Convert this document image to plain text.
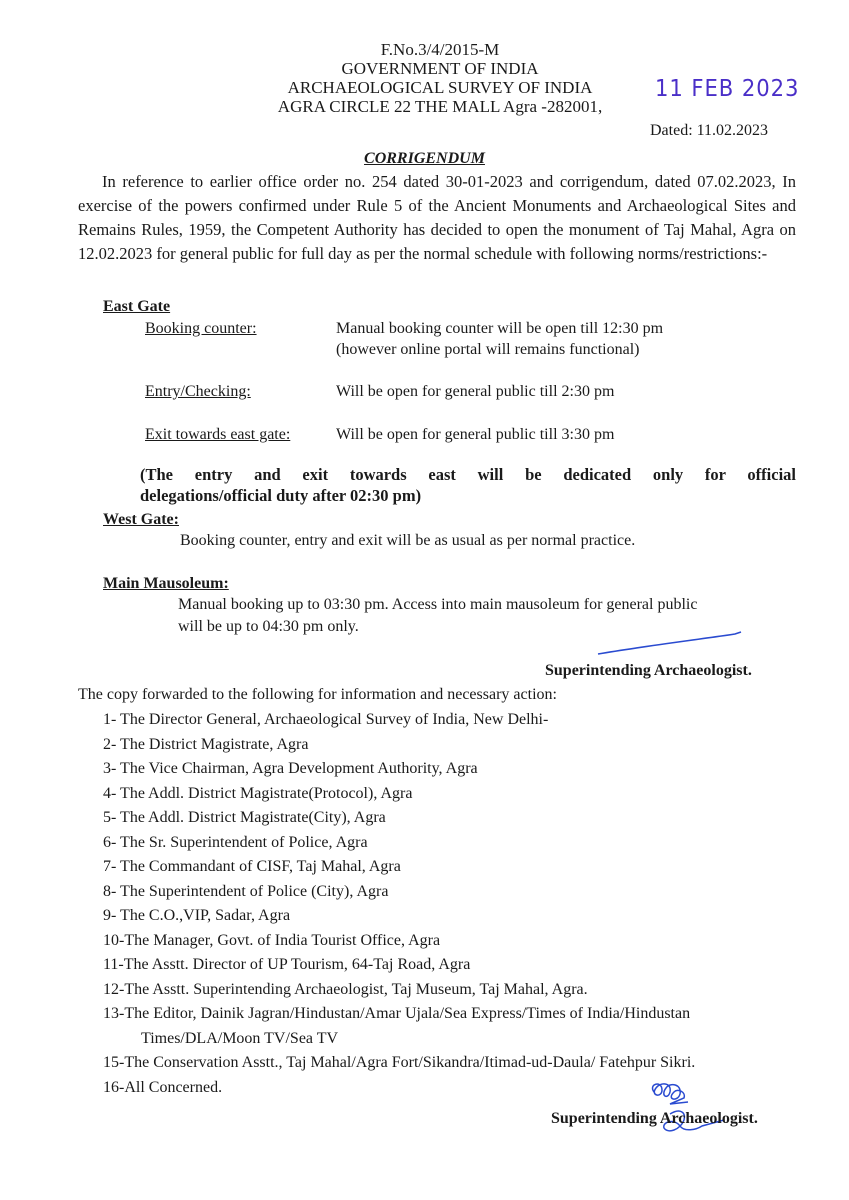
F.No.3/4/2015-M
GOVERNMENT OF INDIA
ARCHAEOLOGICAL SURVEY OF INDIA
AGRA CIRCLE 22 THE MALL Agra -282001,
11 FEB 2023
Dated: 11.02.2023
CORRIGENDUM
In reference to earlier office order no. 254 dated 30-01-2023 and corrigendum, dated 07.02.2023, In exercise of the powers confirmed under Rule 5 of the Ancient Monuments and Archaeological Sites and Remains Rules, 1959, the Competent Authority has decided to open the monument of Taj Mahal, Agra on 12.02.2023 for general public for full day as per the normal schedule with following norms/restrictions:-
East Gate
Booking counter:	Manual booking counter will be open till 12:30 pm
(however online portal will remains functional)
Entry/Checking:	Will be open for general public till 2:30 pm
Exit towards east gate:	Will be open for general public till 3:30 pm
(The entry and exit towards east will be dedicated only for official
delegations/official duty after 02:30 pm)
West Gate:
Booking counter, entry and exit will be as usual as per normal practice.
Main Mausoleum:
Manual booking up to 03:30 pm. Access into main mausoleum for general public
will be up to 04:30 pm only.
Superintending Archaeologist.
The copy forwarded to the following for information and necessary action:
1- The Director General, Archaeological Survey of India, New Delhi-
2- The District Magistrate, Agra
3- The Vice Chairman, Agra Development Authority, Agra
4- The Addl. District Magistrate(Protocol), Agra
5- The Addl. District Magistrate(City), Agra
6- The Sr. Superintendent of Police, Agra
7- The Commandant of CISF, Taj Mahal, Agra
8- The Superintendent of Police (City), Agra
9- The C.O.,VIP, Sadar, Agra
10-The Manager, Govt. of India Tourist Office, Agra
11-The Asstt. Director of UP Tourism, 64-Taj Road, Agra
12-The Asstt. Superintending Archaeologist, Taj Museum, Taj Mahal, Agra.
13-The Editor, Dainik Jagran/Hindustan/Amar Ujala/Sea Express/Times of India/Hindustan
Times/DLA/Moon TV/Sea TV
15-The Conservation Asstt., Taj Mahal/Agra Fort/Sikandra/Itimad-ud-Daula/ Fatehpur Sikri.
16-All Concerned.
Superintending Archaeologist.
